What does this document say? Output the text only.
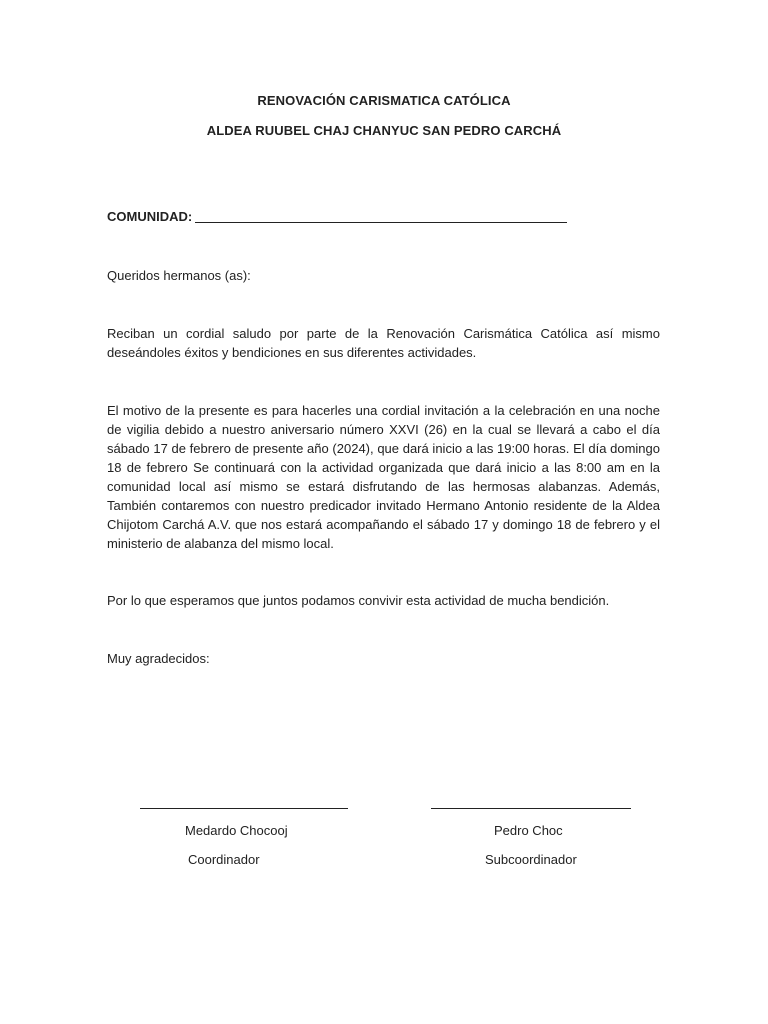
RENOVACIÓN CARISMATICA CATÓLICA
ALDEA RUUBEL CHAJ CHANYUC SAN PEDRO CARCHÁ
COMUNIDAD:
Queridos hermanos (as):
Reciban un cordial saludo por parte de la Renovación Carismática Católica así mismo deseándoles éxitos y bendiciones en sus diferentes actividades.
El motivo de la presente es para hacerles una cordial invitación a la celebración en una noche de vigilia debido a nuestro aniversario número XXVI (26) en la cual se llevará a cabo el día sábado 17 de febrero de presente año (2024), que dará inicio a las 19:00 horas. El día domingo 18 de febrero Se continuará con la actividad organizada que dará inicio a las 8:00 am en la comunidad local así mismo se estará disfrutando de las hermosas alabanzas. Además, También contaremos con nuestro predicador invitado Hermano Antonio residente de la Aldea Chijotom Carchá A.V. que nos estará acompañando el sábado 17 y domingo 18 de febrero y el ministerio de alabanza del mismo local.
Por lo que esperamos que juntos podamos convivir esta actividad de mucha bendición.
Muy agradecidos:
Medardo Chocooj
Coordinador
Pedro Choc
Subcoordinador
